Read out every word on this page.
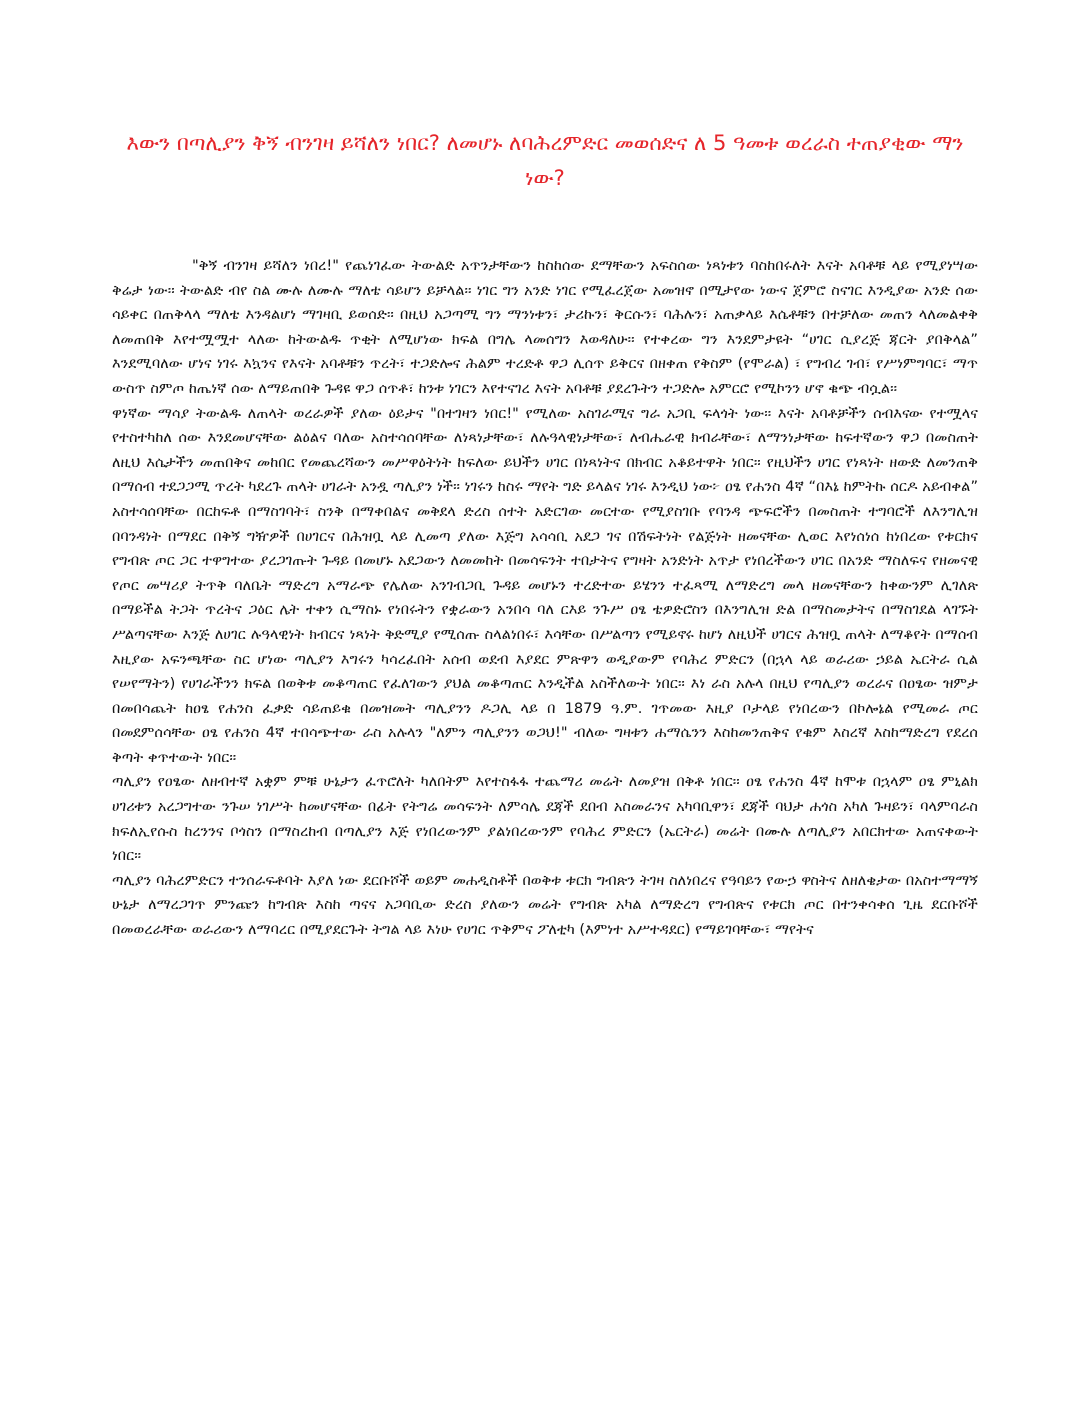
እውን በጣሊያን ቅኝ ብንገዛ ይሻለን ነበር? ለመሆኑ ለባሕረምድር መወሰድና ለ 5 ዓመቱ ወረራስ ተጠያቂው ማን ነው?

"ቅኝ ብንገዛ ይሻለን ነበረ!" የጨነገፈው ትውልድ አጥንታቸውን ከስከሰው ደማቸውን አፍስሰው ነጻነቱን ባስከበሩለት እናት አባቶቹ ላይ የሚያነሣው ቅሬታ ነው፡፡ ትውልድ ብየ ስል ሙሉ ለሙሉ ማለቴ ሳይሆን ይቻላል፡፡ ነገር ግን አንድ ነገር የሚፈረጀው አመዝኖ በሚታየው ነውና ጀምሮ ስናገር እንዲያው አንድ ሰው ሳይቀር በጠቅላላ ማለቴ እንዳልሆነ ማገዛቢ ይወሰድ፡፡ በዚህ አጋጣሚ ግን ማንነቱን፣ ታሪኩን፣ ቅርሱን፣ ባሕሉን፣ አጠቃላይ እሴቶቹን በተቻለው መጠን ላለመልቀቅ ለመጠበቅ እየተሟሟተ ላለው ከትውልዱ ጥቂት ለሚሆነው ክፍል በግሌ ላመሰግን እወዳለሁ፡፡ የተቀረው ግን እንደምታዩት “ሀገር ሲያረጅ ጃርት ያበቅላል” እንደሚባለው ሆነና ነገሩ እኳንና የእናት አባቶቹን ጥረት፣ ተጋድሎና ሕልም ተረድቶ ዋጋ ሊሰጥ ይቅርና በዘቀጠ የቅስም (የሞራል) ፣ የግብረ ገብ፣ የሥነምግባር፣ ማጥ ውስጥ ስምጦ ከጤነኛ ሰው ለማይጠበቅ ጉዳዩ ዋጋ ሰጥቶ፣ ከንቱ ነገርን እየተናገረ እናት አባቶቹ ያደረጉትን ተጋድሎ አምርሮ የሚኮንን ሆኖ ቁጭ ብሷል፡፡

ዋነኛው ማሳያ ትውልዱ ለጠላት ወረራዎች ያለው ዕይታና "በተገዛን ነበር!" የሚለው አስገራሚና ግራ አጋቢ ፍላጎት ነው፡፡ እናት አባቶቻችን ሰብእናው የተሟላና የተስተካከለ ሰው እንደመሆናቸው ልዕልና ባለው አስተሳሰባቸው ለነጻነታቸው፣ ለሉዓላዊነታቸው፣ ለብሔራዊ ክብራቸው፣ ለማንነታቸው ከፍተኛውን ዋጋ በመስጠት ለዚህ እሴታችን መጠበቅና መከበር የመጨረሻውን መሥዋዕትነት ከፍለው ይህችን ሀገር በነጻነትና በክብር አቆይተዋት ነበር፡፡ የዚህችን ሀገር የነጻነት ዘውድ ለመንጠቅ በማሰብ ተደጋጋሚ ጥረት ካደረጉ ጠላት ሀገራት አንዷ ጣሊያን ነች፡፡ ነገሩን ከስሩ ማየት ግድ ይላልና ነገሩ እንዲህ ነው፦ ዐፄ የሐንስ 4ኛ “በእኔ ከምትኩ ሰርዶ አይብቀል” አስተሳሰባቸው በርከፍቶ በማስገባት፣ ስንቅ በማቀበልና መቅደላ ድረስ ሰተት አድርገው መርተው የሚያስገቡ የባንዳ ጭፍሮችን በመስጠት ተግባሮች ለእንግሊዝ በባንዳነት በማደር በቅኝ ግዥዎች በሀገርና በሕዝቧ ላይ ሊመጣ ያለው እጅግ አሳሳቢ አደጋ ገና በሽፍትነት የልጅነት ዘመናቸው ሊወር እየነሰነሰ ከነበረው የቱርክና የግብጽ ጦር ጋር ተዋግተው ያረጋገጡት ጉዳይ በመሆኑ አደጋውን ለመመከት በመሳፍንት ተበታትና የግዛት አንድነት አጥታ የነበረችውን ሀገር በአንድ ማስለፍና የዘመናዊ የጦር መሣሪያ ትጥቅ ባለቤት ማድረግ አማራጭ የሌለው አንገብጋቢ ጉዳይ መሆኑን ተረድተው ይሄንን ተፈጻሚ ለማድረግ መላ ዘመናቸውን ከቀውንም ሊገለጽ በማይችል ትጋት ጥረትና ጋዕር ሌት ተቀን ሲማስኑ የነበሩትን የቋራውን አንበሳ ባለ ርእይ ንጉሥ ዐፄ ቴዎድሮስን በእንግሊዝ ድል በማስመታትና በማስገደል ላገኙት ሥልጣናቸው እንጅ ለሀገር ሉዓላዊነት ክብርና ነጻነት ቅድሚያ የሚሰጡ ስላልነበሩ፣ እሳቸው በሥልጣን የሚይኖሩ ከሆነ ለዚህች ሀገርና ሕዝቧ ጠላት ለማቆየት በማሰብ እዚያው አፍንጫቸው ስር ሆነው ጣሊያን እግሩን ካሳረፈበት አሰብ ወደብ እያደር ምጽዋን ወዲያውም የባሕረ ምድርን (በኋላ ላይ ወራሪው ኃይል ኤርትራ ሲል የሠየማትን) የሀገራችንን ክፍል በወቅቱ መቆጣጠር የፈለገውን ያህል መቆጣጠር እንዲችል አስችለውት ነበር፡፡ እነ ራስ አሉላ በዚህ የጣሊያን ወረራና በዐፄው ዝምታ በመበሳጨት ከዐፄ የሐንስ ፈቃድ ሳይጠይቁ በመዝመት ጣሊያንን ዶጋሊ ላይ በ 1879 ዓ.ም. ገጥመው እዚያ ቦታላይ የነበረውን በኮሎኔል የሚመራ ጦር በመደምሰሳቸው ዐፄ የሐንስ 4ኛ ተበሳጭተው ራስ አሉላን "ለምን ጣሊያንን ወጋህ!" ብለው ግዛቱን ሐማሴንን እስከመንጠቅና የቁም እስረኛ እስከማድረግ የደረሰ ቅጣት ቀጥተውት ነበር፡፡

ጣሊያን የዐፄው ለዘብተኛ አቋም ምቹ ሁኔታን ፈጥሮለት ካለበትም እየተስፋፋ ተጨማሪ መሬት ለመያዝ በቅቶ ነበር፡፡ ዐፄ የሐንስ 4ኛ ከሞቱ በኋላም ዐፄ ምኒልክ ሀገሪቱን አረጋግተው ንጉሠ ነገሥት ከመሆናቸው በፊት የትግሬ መሳፍንት ለምሳሌ ደጃች ደበብ አስመራንና አካባቢዋን፣ ደጃች ባህታ ሐጎስ አካለ ጉዛይን፣ ባላምባራስ ክፍለኢየሱስ ከረንንና ቦጎስን በማስረከብ በጣሊያን እጅ የነበረውንም ያልነበረውንም የባሕረ ምድርን (ኤርትራ) መሬት በሙሉ ለጣሊያን አበርክተው አጠናቀውት ነበር፡፡

ጣሊያን ባሕረምድርን ተንሰራፍቶባት እያለ ነው ደርቡሾች ወይም መሐዲስቶች በወቅቱ ቱርክ ግብጽን ትገዛ ስለነበረና የዓባይን የውኃ ዋስትና ለዘለቄታው በአስተማማኝ ሁኔታ ለማረጋገጥ ምንጩን ከግብጽ እስከ ጣናና አጋባቢው ድረስ ያለውን መሬት የግብጽ አካል ለማድረግ የግብጽና የቱርክ ጦር በተንቀሳቀሰ ጊዜ ደርቡሾች በመወረራቸው ወራሪውን ለማባረር በሚያደርጉት ትግል ላይ እነሁ የሀገር ጥቅምና ፖለቲካ (እምነተ አሥተዳደር) የማይገባቸው፣ ማየትና
